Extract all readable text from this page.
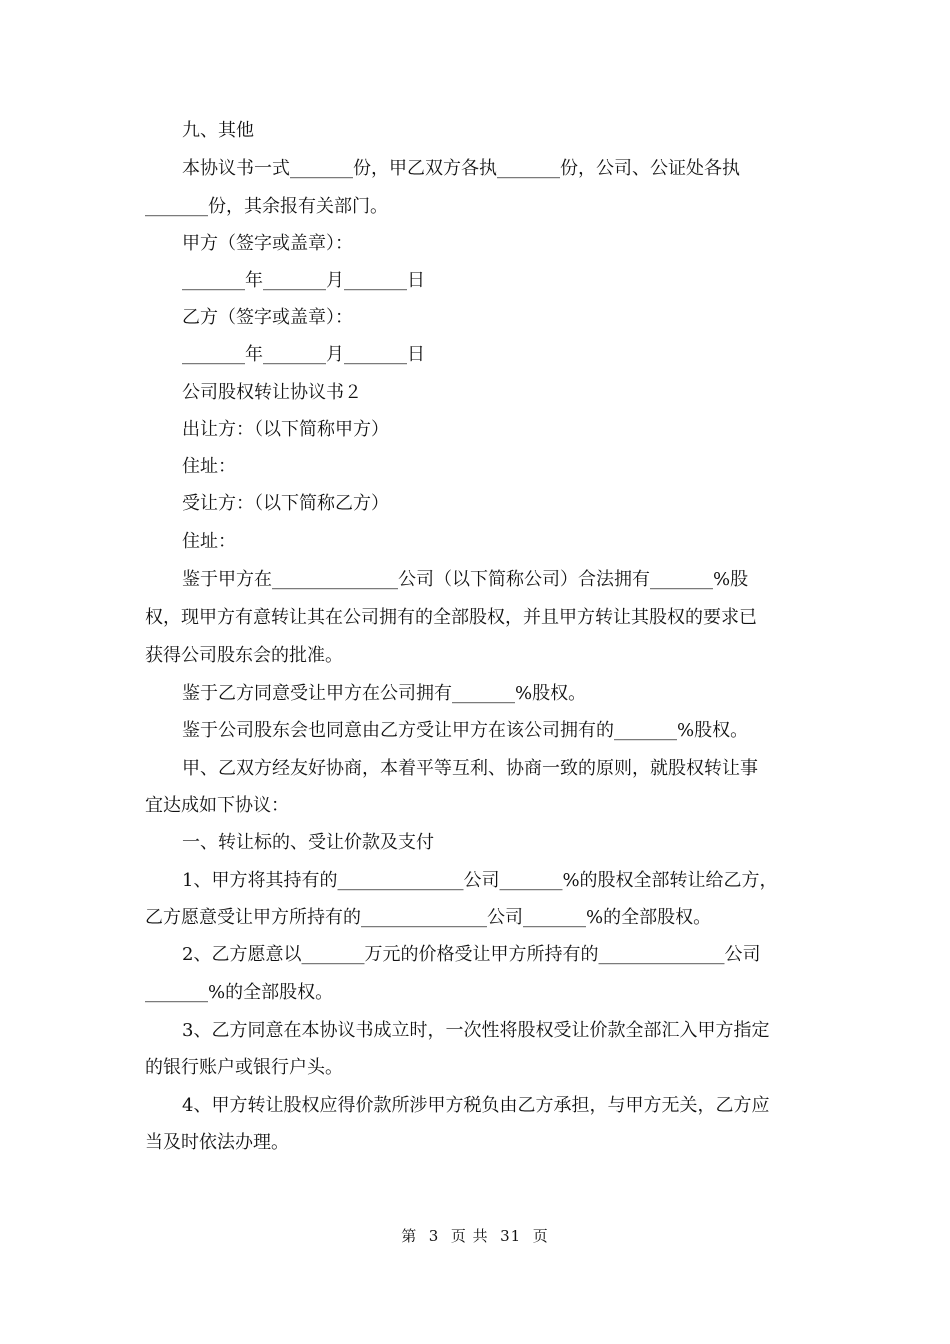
九、其他
本协议书一式_______份，甲乙双方各执_______份，公司、公证处各执
_______份，其余报有关部门。
甲方（签字或盖章）：
_______年_______月_______日
乙方（签字或盖章）：
_______年_______月_______日
公司股权转让协议书２
出让方：（以下简称甲方）
住址：
受让方：（以下简称乙方）
住址：
鉴于甲方在______________公司（以下简称公司）合法拥有_______%股
权，现甲方有意转让其在公司拥有的全部股权，并且甲方转让其股权的要求已
获得公司股东会的批准。
鉴于乙方同意受让甲方在公司拥有_______%股权。
鉴于公司股东会也同意由乙方受让甲方在该公司拥有的_______%股权。
甲、乙双方经友好协商，本着平等互利、协商一致的原则，就股权转让事
宜达成如下协议：
一、转让标的、受让价款及支付
1、甲方将其持有的______________公司_______%的股权全部转让给乙方，
乙方愿意受让甲方所持有的______________公司_______%的全部股权。
2、乙方愿意以_______万元的价格受让甲方所持有的______________公司
_______%的全部股权。
3、乙方同意在本协议书成立时，一次性将股权受让价款全部汇入甲方指定
的银行账户或银行户头。
4、甲方转让股权应得价款所涉甲方税负由乙方承担，与甲方无关，乙方应
当及时依法办理。
第  3  页 共  31  页
